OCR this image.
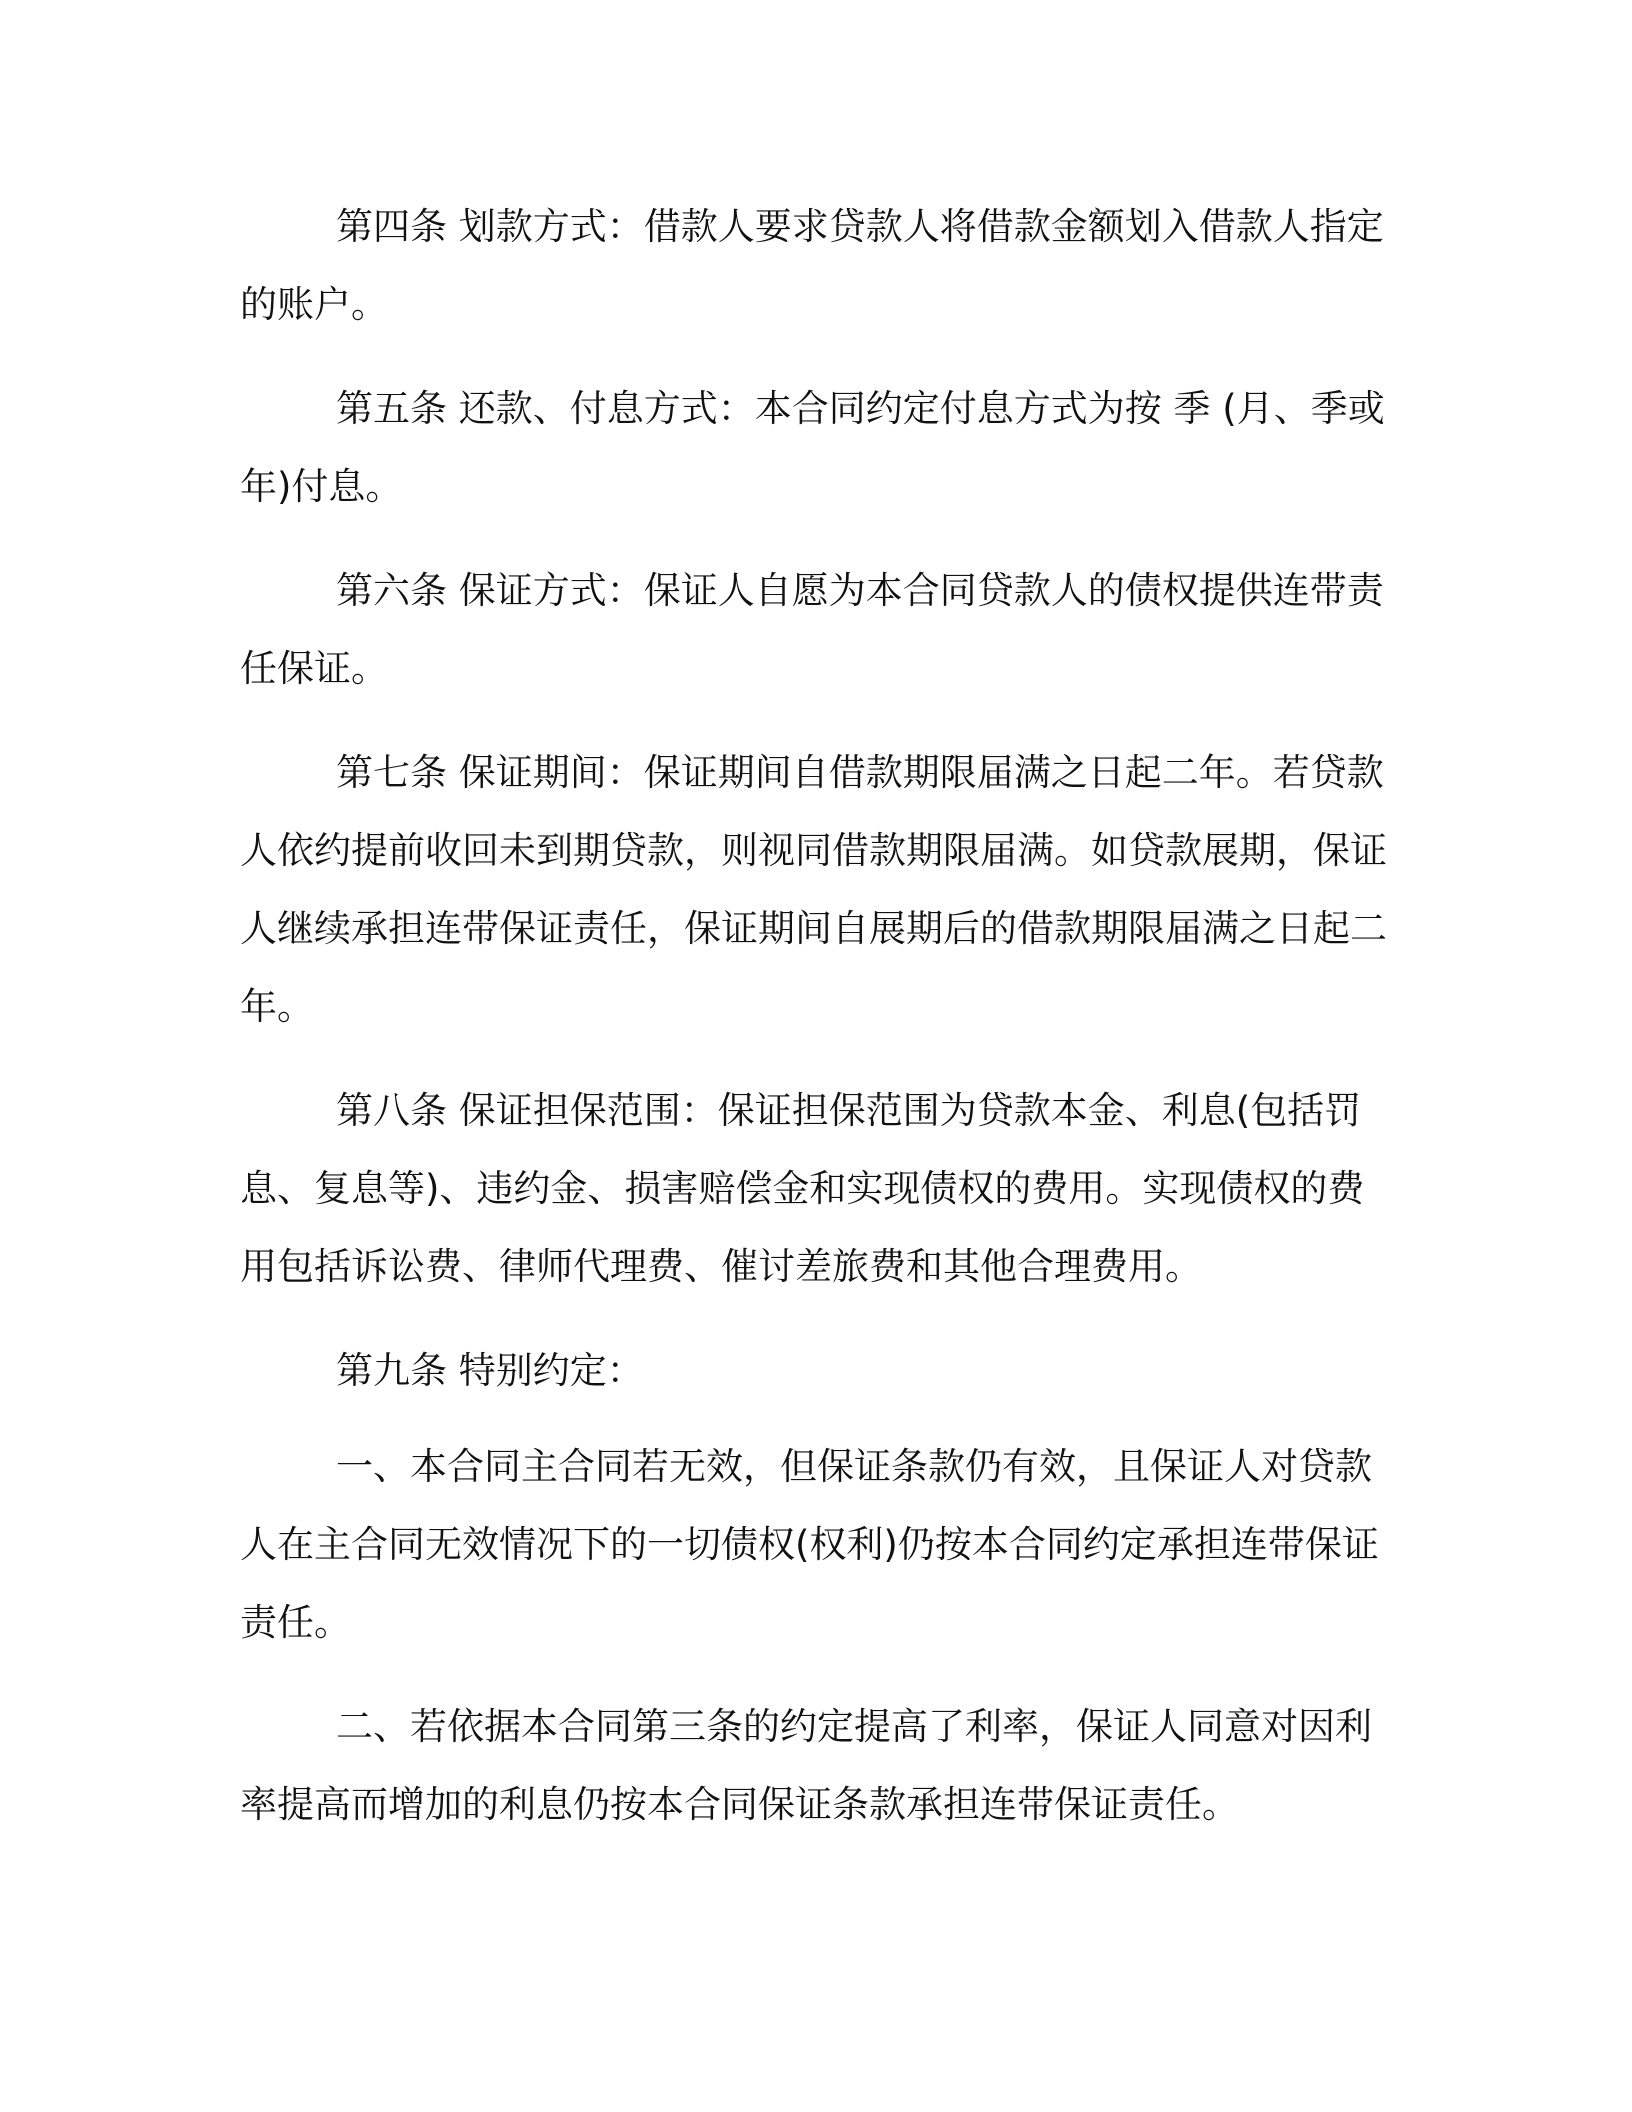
第四条 划款方式：借款人要求贷款人将借款金额划入借款人指定的账户。

第五条 还款、付息方式：本合同约定付息方式为按 季 (月、季或年)付息。

第六条 保证方式：保证人自愿为本合同贷款人的债权提供连带责任保证。

第七条 保证期间：保证期间自借款期限届满之日起二年。若贷款人依约提前收回未到期贷款，则视同借款期限届满。如贷款展期，保证人继续承担连带保证责任，保证期间自展期后的借款期限届满之日起二年。

第八条 保证担保范围：保证担保范围为贷款本金、利息(包括罚息、复息等)、违约金、损害赔偿金和实现债权的费用。实现债权的费用包括诉讼费、律师代理费、催讨差旅费和其他合理费用。

第九条 特别约定：

一、本合同主合同若无效，但保证条款仍有效，且保证人对贷款人在主合同无效情况下的一切债权(权利)仍按本合同约定承担连带保证责任。

二、若依据本合同第三条的约定提高了利率，保证人同意对因利率提高而增加的利息仍按本合同保证条款承担连带保证责任。
